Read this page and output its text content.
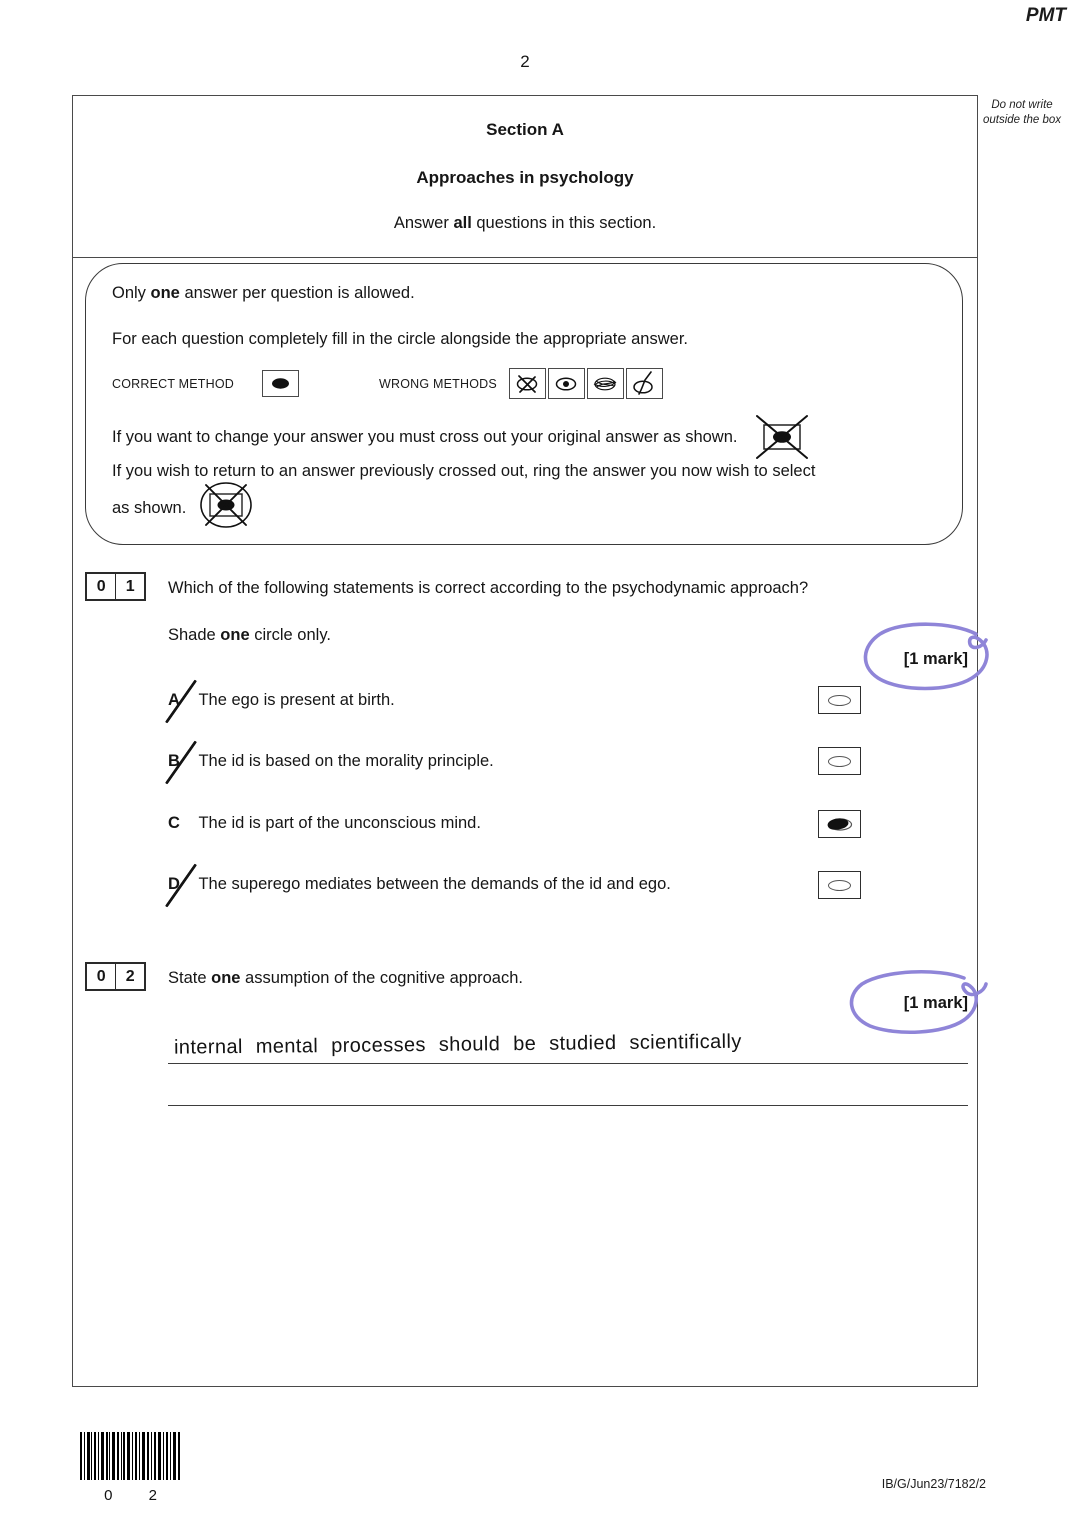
PMT
2
Section A
Approaches in psychology
Answer all questions in this section.
Do not write outside the box
Only one answer per question is allowed.
For each question completely fill in the circle alongside the appropriate answer.
CORRECT METHOD	WRONG METHODS
If you want to change your answer you must cross out your original answer as shown.
If you wish to return to an answer previously crossed out, ring the answer you now wish to select
as shown.
0	1	Which of the following statements is correct according to the psychodynamic approach?
Shade one circle only.
[1 mark]
A The ego is present at birth.
B The id is based on the morality principle.
C The id is part of the unconscious mind.
D The superego mediates between the demands of the id and ego.
0	2	State one assumption of the cognitive approach.
[1 mark]
internal mental processes should be studied scientifically
0 2
IB/G/Jun23/7182/2
